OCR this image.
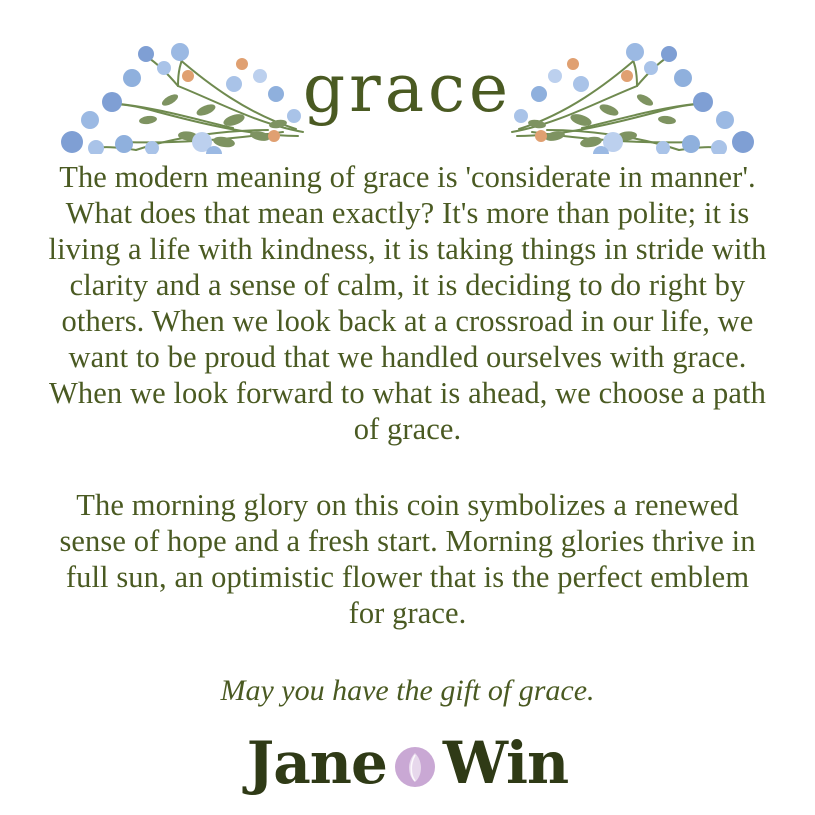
grace

The modern meaning of grace is 'considerate in manner'. What does that mean exactly? It's more than polite; it is living a life with kindness, it is taking things in stride with clarity and a sense of calm, it is deciding to do right by others. When we look back at a crossroad in our life, we want to be proud that we handled ourselves with grace. When we look forward to what is ahead, we choose a path of grace.

The morning glory on this coin symbolizes a renewed sense of hope and a fresh start. Morning glories thrive in full sun, an optimistic flower that is the perfect emblem for grace.

May you have the gift of grace.
Jane Win
